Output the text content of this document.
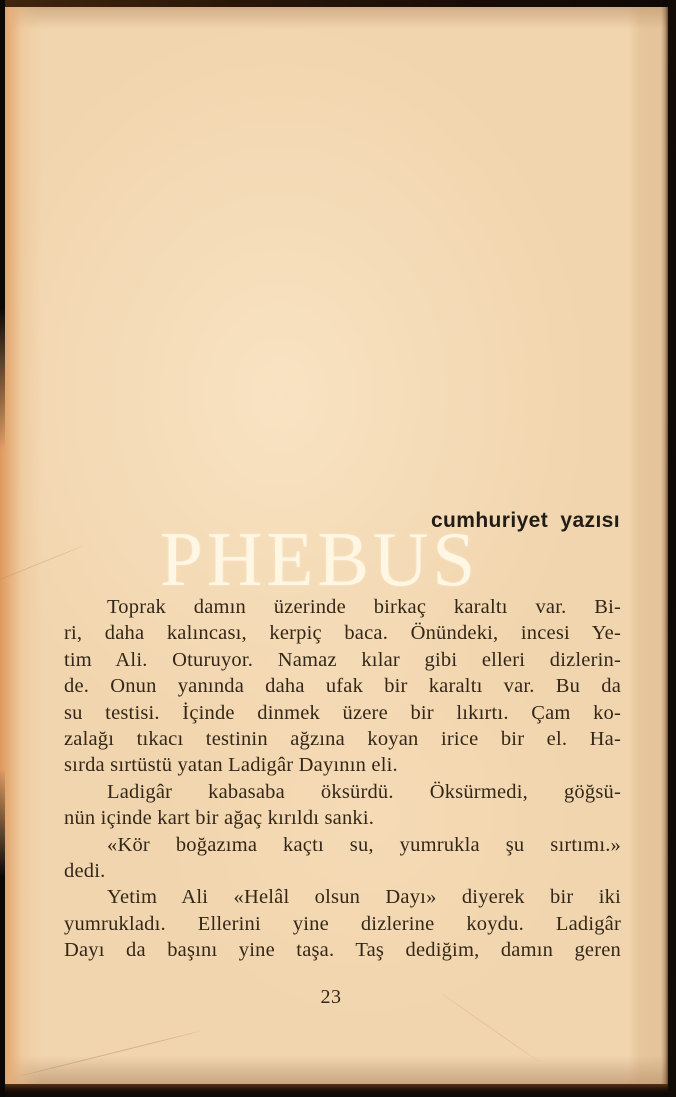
PHEBUS
cumhuriyet yazısı
Toprak damın üzerinde birkaç karaltı var. Bi-
ri, daha kalıncası, kerpiç baca. Önündeki, incesi Ye-
tim Ali. Oturuyor. Namaz kılar gibi elleri dizlerin-
de. Onun yanında daha ufak bir karaltı var. Bu da
su testisi. İçinde dinmek üzere bir lıkırtı. Çam ko-
zalağı tıkacı testinin ağzına koyan irice bir el. Ha-
sırda sırtüstü yatan Ladigâr Dayının eli.
Ladigâr kabasaba öksürdü. Öksürmedi, göğsü-
nün içinde kart bir ağaç kırıldı sanki.
«Kör boğazıma kaçtı su, yumrukla şu sırtımı.»
dedi.
Yetim Ali «Helâl olsun Dayı» diyerek bir iki
yumrukladı. Ellerini yine dizlerine koydu. Ladigâr
Dayı da başını yine taşa. Taş dediğim, damın geren
23
